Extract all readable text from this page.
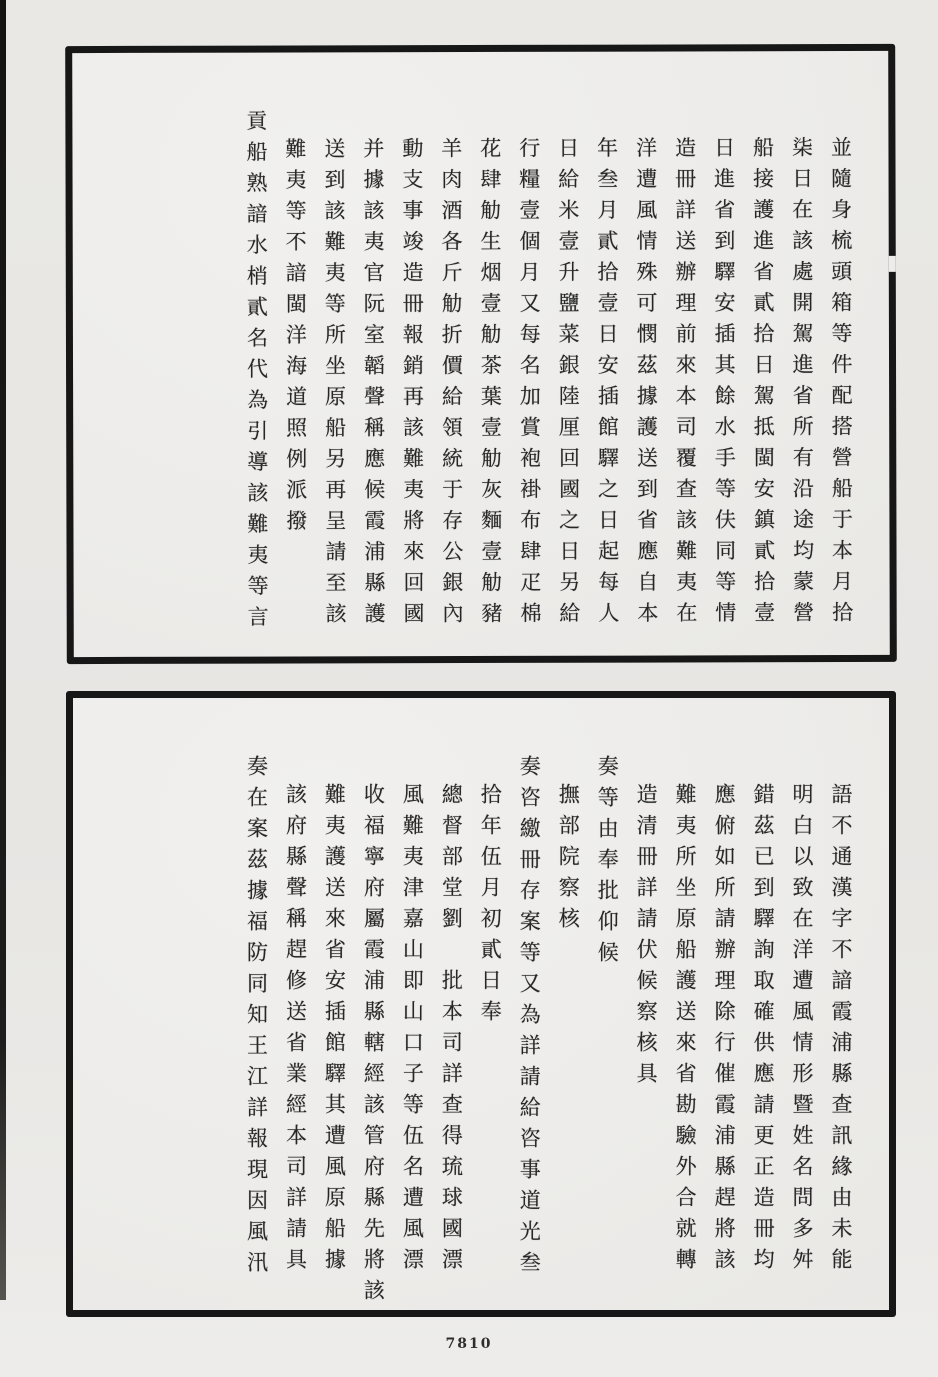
並隨身梳頭箱等件配搭營船于本月拾
柒日在該處開駕進省所有沿途均蒙營
船接護進省貳拾日駕抵閩安鎮貳拾壹
日進省到驛安插其餘水手等伕同等情
造冊詳送辦理前來本司覆查該難夷在
洋遭風情殊可憫茲據護送到省應自本
年叁月貳拾壹日安插館驛之日起每人
日給米壹升鹽菜銀陸厘回國之日另給
行糧壹個月又每名加賞袍褂布肆疋棉
花肆觔生烟壹觔茶葉壹觔灰麵壹觔豬
羊肉酒各斤觔折價給領統于存公銀內
動支事竣造冊報銷再該難夷將來回國
并據該夷官阮室韜聲稱應候霞浦縣護
送到該難夷等所坐原船另再呈請至該
難夷等不諳閩洋海道照例派撥
貢船熟諳水梢貳名代為引導該難夷等言
語不通漢字不諳霞浦縣查訊緣由未能
明白以致在洋遭風情形暨姓名問多舛
錯茲已到驛詢取確供應請更正造冊均
應俯如所請辦理除行催霞浦縣趕將該
難夷所坐原船護送來省勘驗外合就轉
造清冊詳請伏候察核具
奏等由奉批仰候
撫部院察核
奏咨繳冊存案等又為詳請給咨事道光叁
拾年伍月初貳日奉
總督部堂劉　批本司詳查得琉球國漂
風難夷津嘉山即山口子等伍名遭風漂
收福寧府屬霞浦縣轄經該管府縣先將該
難夷護送來省安插館驛其遭風原船據
該府縣聲稱趕修送省業經本司詳請具
奏在案茲據福防同知王江詳報現因風汛
7810
